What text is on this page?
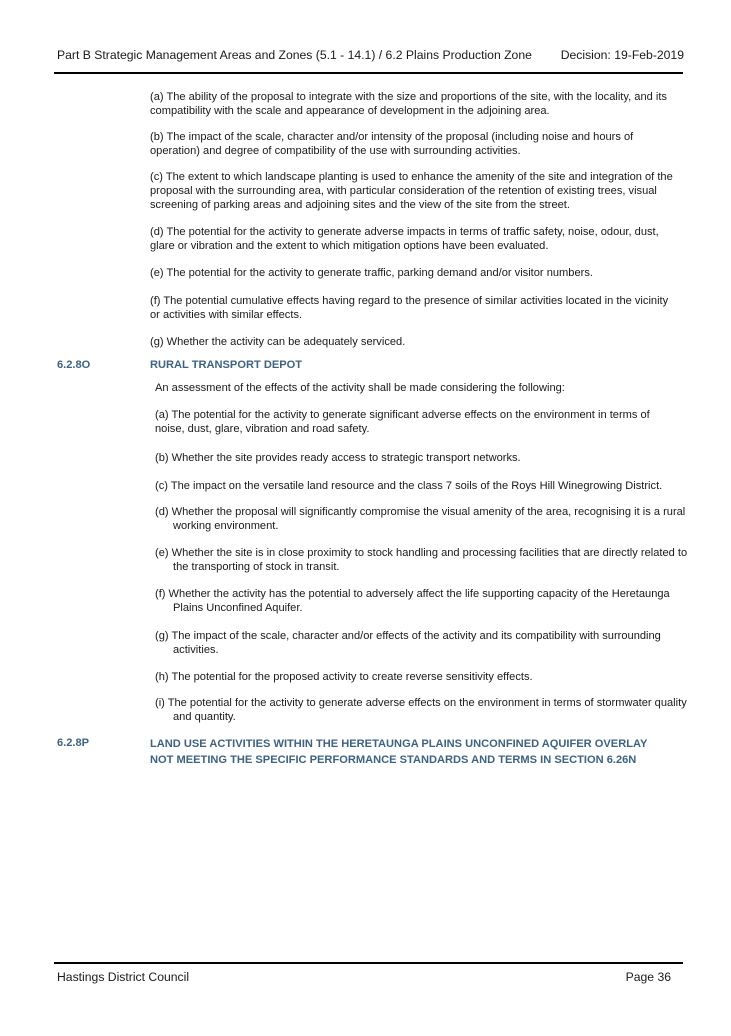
Part B Strategic Management Areas and Zones (5.1 - 14.1) / 6.2 Plains Production Zone Decision: 19-Feb-2019

(a) The ability of the proposal to integrate with the size and proportions of the site, with the locality, and its compatibility with the scale and appearance of development in the adjoining area.

(b) The impact of the scale, character and/or intensity of the proposal (including noise and hours of operation) and degree of compatibility of the use with surrounding activities.

(c) The extent to which landscape planting is used to enhance the amenity of the site and integration of the proposal with the surrounding area, with particular consideration of the retention of existing trees, visual screening of parking areas and adjoining sites and the view of the site from the street.

(d) The potential for the activity to generate adverse impacts in terms of traffic safety, noise, odour, dust, glare or vibration and the extent to which mitigation options have been evaluated.

(e) The potential for the activity to generate traffic, parking demand and/or visitor numbers.

(f) The potential cumulative effects having regard to the presence of similar activities located in the vicinity or activities with similar effects.

(g) Whether the activity can be adequately serviced.

6.2.8O	RURAL TRANSPORT DEPOT

An assessment of the effects of the activity shall be made considering the following:

(a) The potential for the activity to generate significant adverse effects on the environment in terms of noise, dust, glare, vibration and road safety.

(b) Whether the site provides ready access to strategic transport networks.

(c) The impact on the versatile land resource and the class 7 soils of the Roys Hill Winegrowing District.

(d) Whether the proposal will significantly compromise the visual amenity of the area, recognising it is a rural working environment.

(e) Whether the site is in close proximity to stock handling and processing facilities that are directly related to the transporting of stock in transit.

(f) Whether the activity has the potential to adversely affect the life supporting capacity of the Heretaunga Plains Unconfined Aquifer.

(g) The impact of the scale, character and/or effects of the activity and its compatibility with surrounding activities.

(h) The potential for the proposed activity to create reverse sensitivity effects.

(i) The potential for the activity to generate adverse effects on the environment in terms of stormwater quality and quantity.

6.2.8P	LAND USE ACTIVITIES WITHIN THE HERETAUNGA PLAINS UNCONFINED AQUIFER OVERLAY
NOT MEETING THE SPECIFIC PERFORMANCE STANDARDS AND TERMS IN SECTION 6.26N
Hastings District Council	Page 36
